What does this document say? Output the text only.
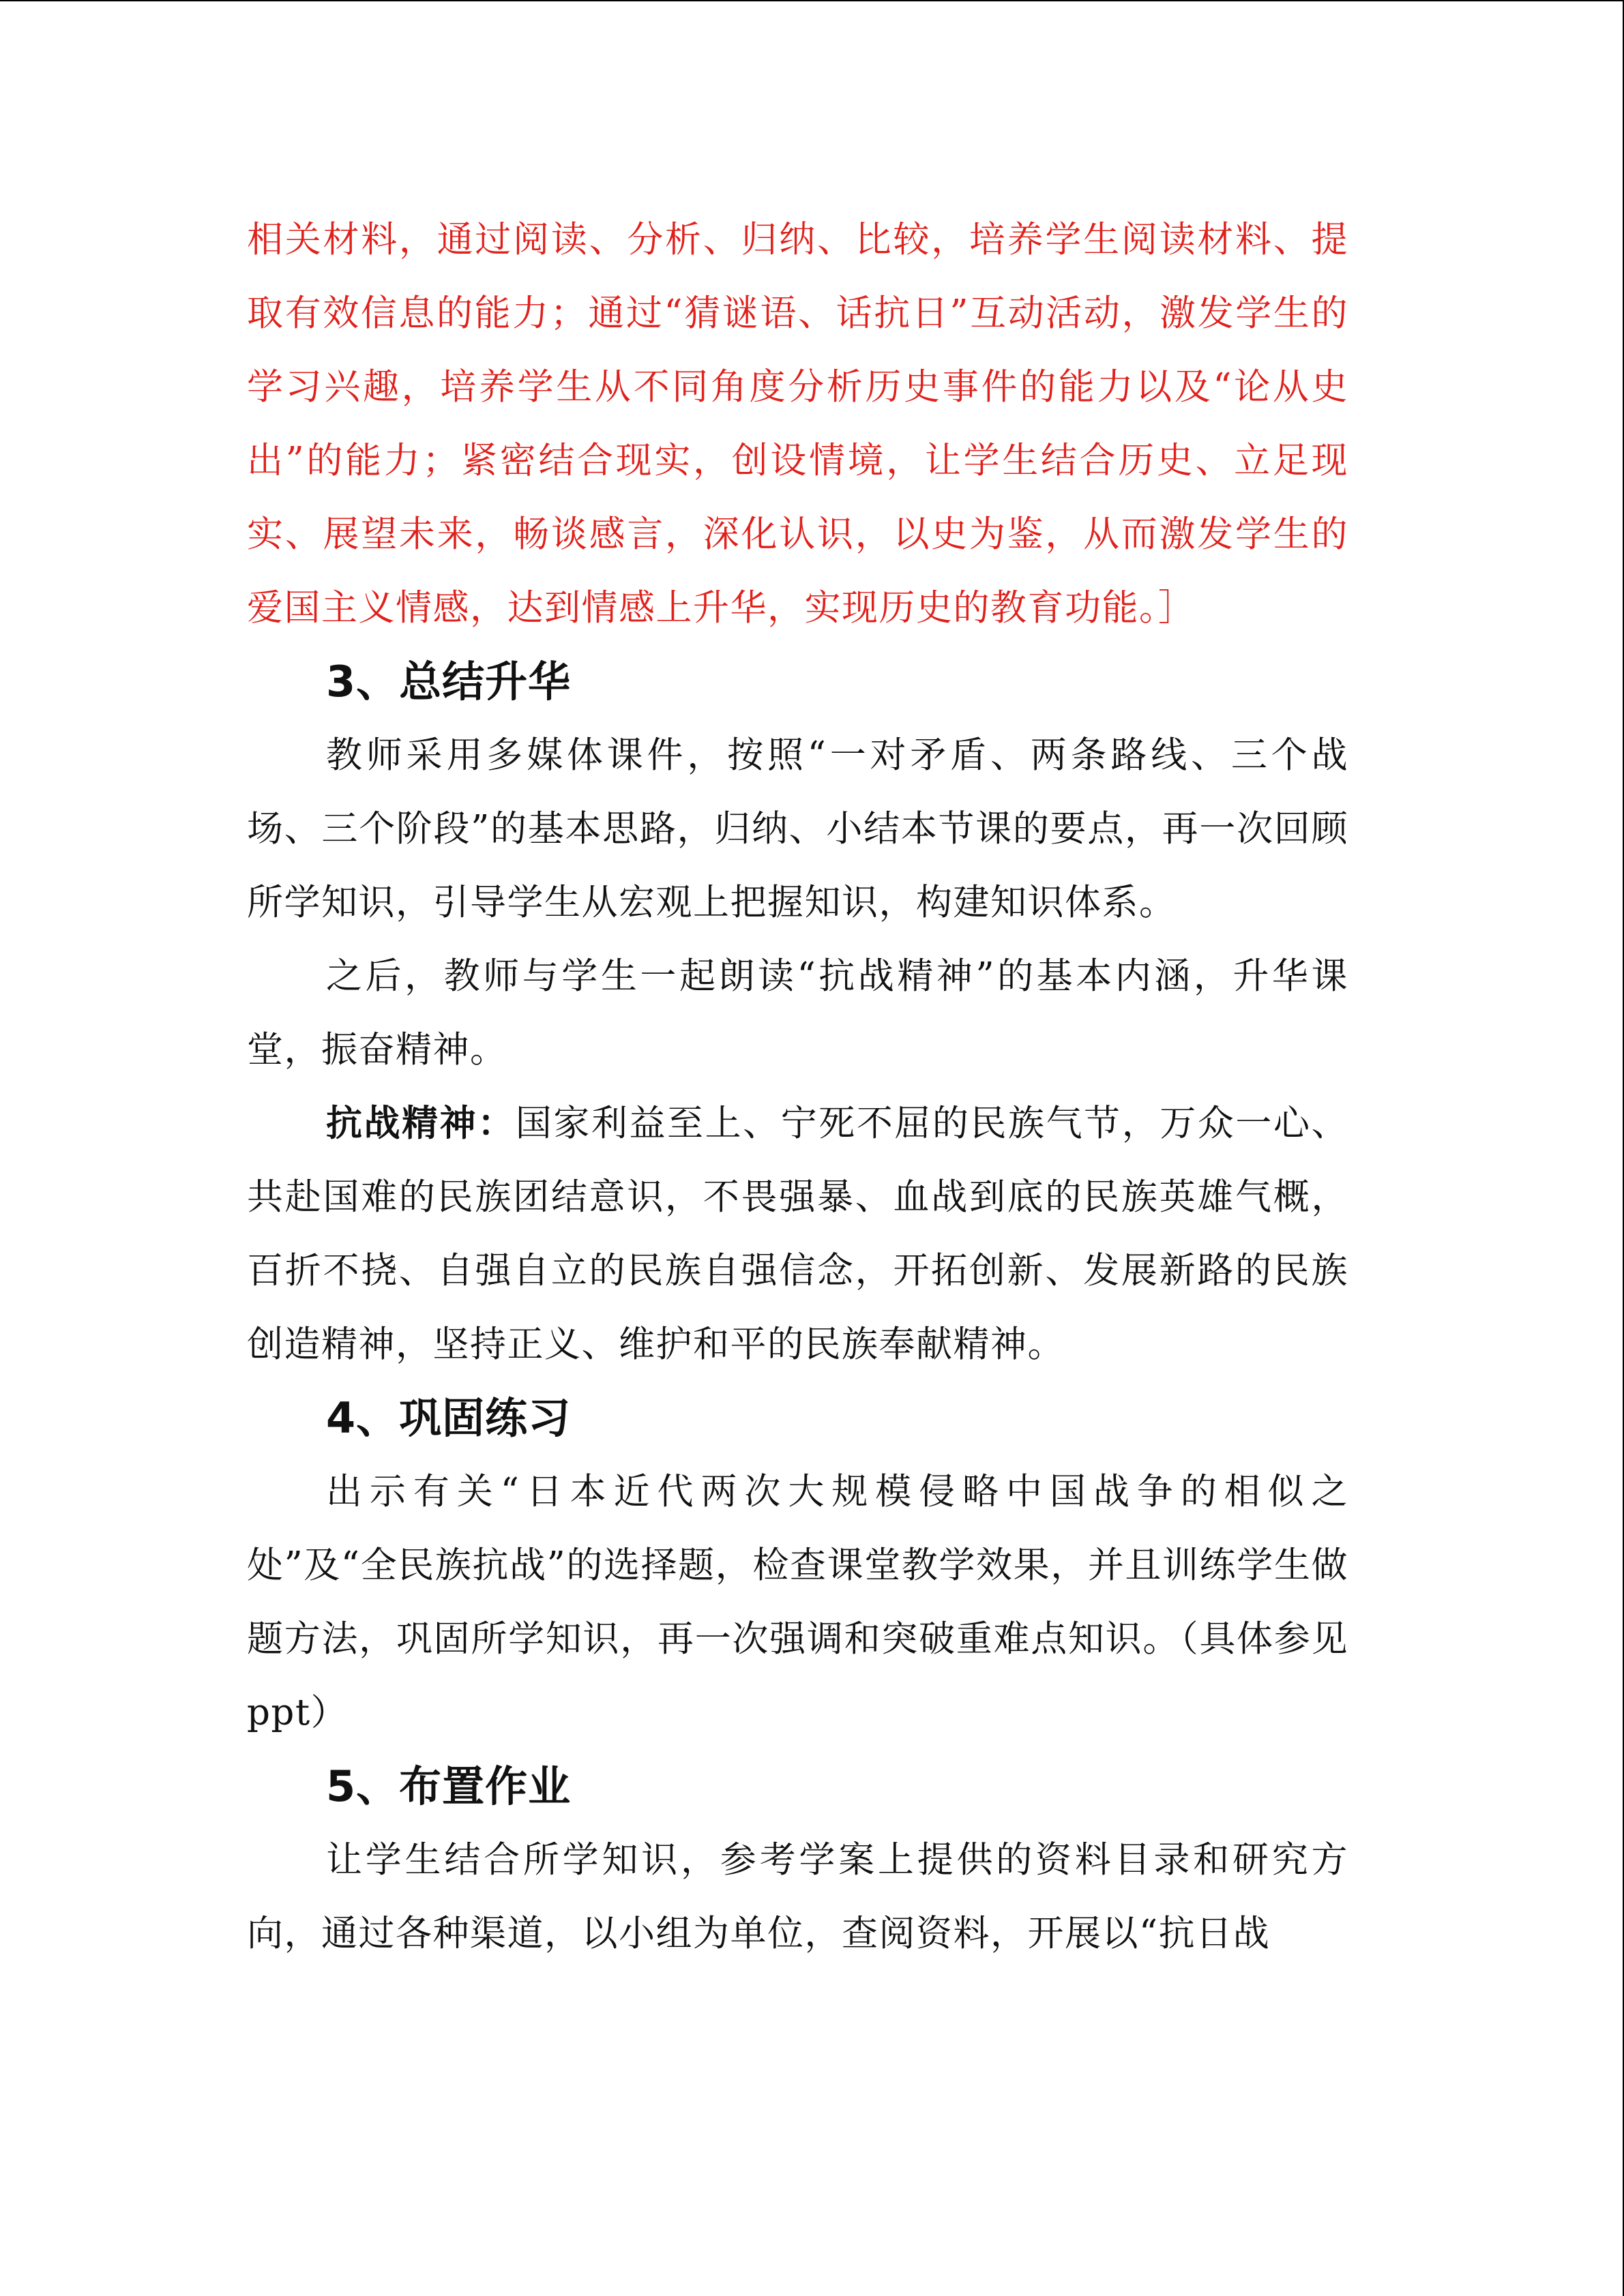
相关材料，通过阅读、分析、归纳、比较，培养学生阅读材料、提取有效信息的能力；通过“猜谜语、话抗日”互动活动，激发学生的学习兴趣，培养学生从不同角度分析历史事件的能力以及“论从史出”的能力；紧密结合现实，创设情境，让学生结合历史、立足现实、展望未来，畅谈感言，深化认识，以史为鉴，从而激发学生的爱国主义情感，达到情感上升华，实现历史的教育功能。］

3、总结升华

教师采用多媒体课件，按照“一对矛盾、两条路线、三个战场、三个阶段”的基本思路，归纳、小结本节课的要点，再一次回顾所学知识，引导学生从宏观上把握知识，构建知识体系。

之后，教师与学生一起朗读“抗战精神”的基本内涵，升华课堂，振奋精神。

抗战精神：国家利益至上、宁死不屈的民族气节，万众一心、共赴国难的民族团结意识，不畏强暴、血战到底的民族英雄气概，百折不挠、自强自立的民族自强信念，开拓创新、发展新路的民族创造精神，坚持正义、维护和平的民族奉献精神。

4、巩固练习

出示有关“日本近代两次大规模侵略中国战争的相似之处”及“全民族抗战”的选择题，检查课堂教学效果，并且训练学生做题方法，巩固所学知识，再一次强调和突破重难点知识。（具体参见 ppt）

5、布置作业

让学生结合所学知识，参考学案上提供的资料目录和研究方向，通过各种渠道，以小组为单位，查阅资料，开展以“抗日战
